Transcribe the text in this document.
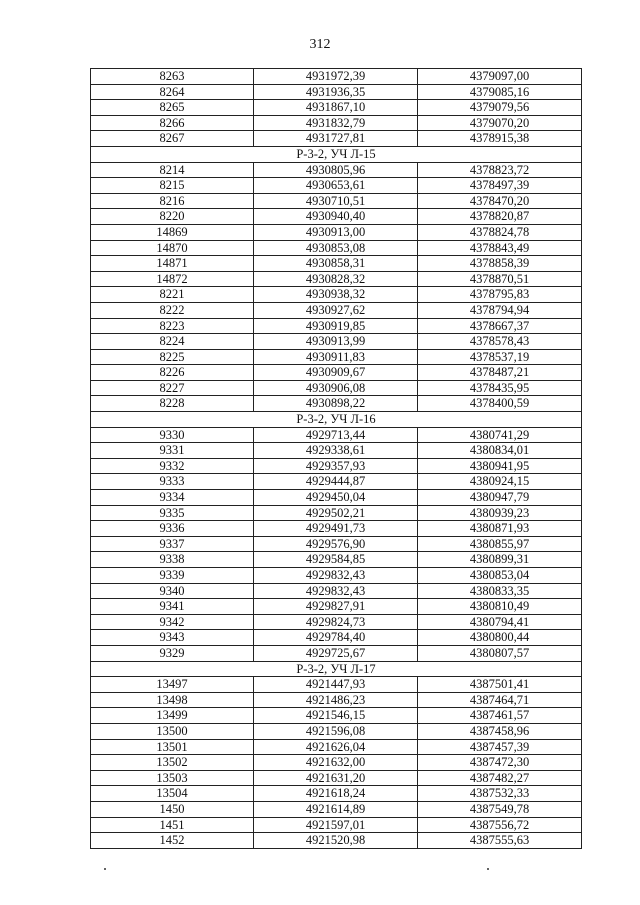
312
8263	4931972,39	4379097,00
8264	4931936,35	4379085,16
8265	4931867,10	4379079,56
8266	4931832,79	4379070,20
8267	4931727,81	4378915,38
Р-3-2, УЧ Л-15		
8214	4930805,96	4378823,72
8215	4930653,61	4378497,39
8216	4930710,51	4378470,20
8220	4930940,40	4378820,87
14869	4930913,00	4378824,78
14870	4930853,08	4378843,49
14871	4930858,31	4378858,39
14872	4930828,32	4378870,51
8221	4930938,32	4378795,83
8222	4930927,62	4378794,94
8223	4930919,85	4378667,37
8224	4930913,99	4378578,43
8225	4930911,83	4378537,19
8226	4930909,67	4378487,21
8227	4930906,08	4378435,95
8228	4930898,22	4378400,59
Р-3-2, УЧ Л-16		
9330	4929713,44	4380741,29
9331	4929338,61	4380834,01
9332	4929357,93	4380941,95
9333	4929444,87	4380924,15
9334	4929450,04	4380947,79
9335	4929502,21	4380939,23
9336	4929491,73	4380871,93
9337	4929576,90	4380855,97
9338	4929584,85	4380899,31
9339	4929832,43	4380853,04
9340	4929832,43	4380833,35
9341	4929827,91	4380810,49
9342	4929824,73	4380794,41
9343	4929784,40	4380800,44
9329	4929725,67	4380807,57
Р-3-2, УЧ Л-17		
13497	4921447,93	4387501,41
13498	4921486,23	4387464,71
13499	4921546,15	4387461,57
13500	4921596,08	4387458,96
13501	4921626,04	4387457,39
13502	4921632,00	4387472,30
13503	4921631,20	4387482,27
13504	4921618,24	4387532,33
1450	4921614,89	4387549,78
1451	4921597,01	4387556,72
1452	4921520,98	4387555,63
